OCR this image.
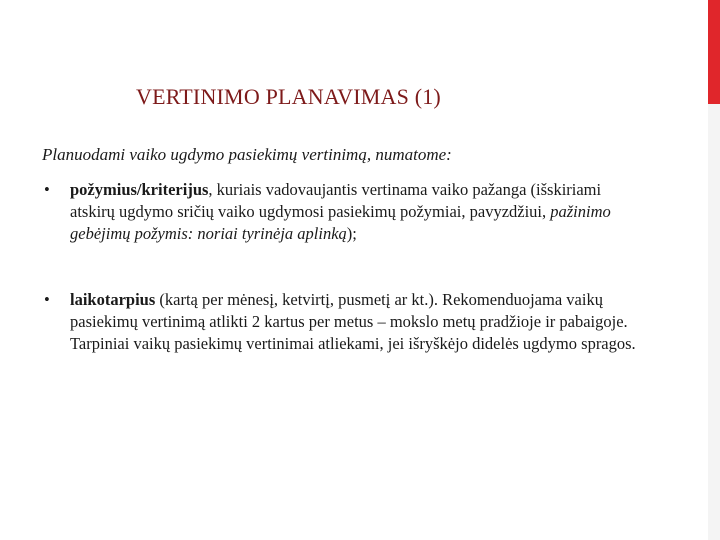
VERTINIMO PLANAVIMAS (1)
Planuodami vaiko ugdymo pasiekimų vertinimą, numatome:
• požymius/kriterijus, kuriais vadovaujantis vertinama vaiko pažanga (išskiriami atskirų ugdymo sričių vaiko ugdymosi pasiekimų požymiai, pavyzdžiui, pažinimo gebėjimų požymis: noriai tyrinėja aplinką);
• laikotarpius (kartą per mėnesį, ketvirtį, pusmetį ar kt.). Rekomenduojama vaikų pasiekimų vertinimą atlikti 2 kartus per metus – mokslo metų pradžioje ir pabaigoje. Tarpiniai vaikų pasiekimų vertinimai atliekami, jei išryškėjo didelės ugdymo spragos.
